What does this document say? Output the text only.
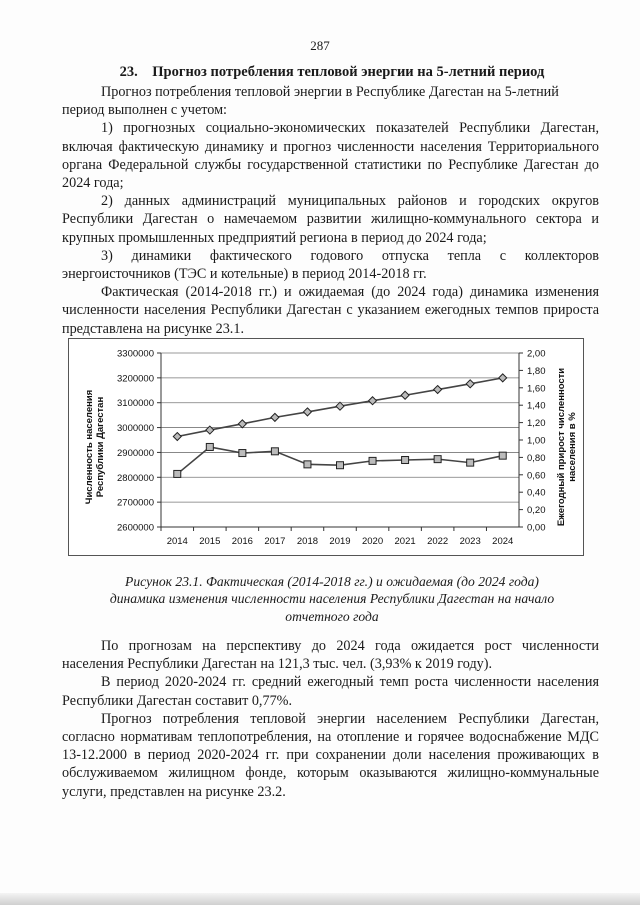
287
23. Прогноз потребления тепловой энергии на 5-летний период

Прогноз потребления тепловой энергии в Республике Дагестан на 5-летний

период выполнен с учетом:

1) прогнозных социально-экономических показателей Республики Дагестан, включая фактическую динамику и прогноз численности населения Территориального органа Федеральной службы государственной статистики по Республике Дагестан до 2024 года;

2) данных администраций муниципальных районов и городских округов Республики Дагестан о намечаемом развитии жилищно-коммунального сектора и крупных промышленных предприятий региона в период до 2024 года;

3) динамики фактического годового отпуска тепла с коллекторов энергоисточников (ТЭС и котельные) в период 2014-2018 гг.

Фактическая (2014-2018 гг.) и ожидаемая (до 2024 года) динамика изменения численности населения Республики Дагестан с указанием ежегодных темпов прироста представлена на рисунке 23.1.

Численность населения Республики Дагестан	Ежегодный прирост численности населения в %
2600000
2700000
2800000
2900000
3000000
3100000
3200000
3300000
0,00
0,20
0,40
0,60
0,80
1,00
1,20
1,40
1,60
1,80
2,00
2014 2015 2016 2017 2018 2019 2020 2021 2022 2023 2024
Рисунок 23.1. Фактическая (2014-2018 гг.) и ожидаемая (до 2024 года)
динамика изменения численности населения Республики Дагестан на начало
отчетного года

По прогнозам на перспективу до 2024 года ожидается рост численности населения Республики Дагестан на 121,3 тыс. чел. (3,93% к 2019 году).

В период 2020-2024 гг. средний ежегодный темп роста численности населения Республики Дагестан составит 0,77%.

Прогноз потребления тепловой энергии населением Республики Дагестан, согласно нормативам теплопотребления, на отопление и горячее водоснабжение МДС 13-12.2000 в период 2020-2024 гг. при сохранении доли населения проживающих в обслуживаемом жилищном фонде, которым оказываются жилищно-коммунальные услуги, представлен на рисунке 23.2.
